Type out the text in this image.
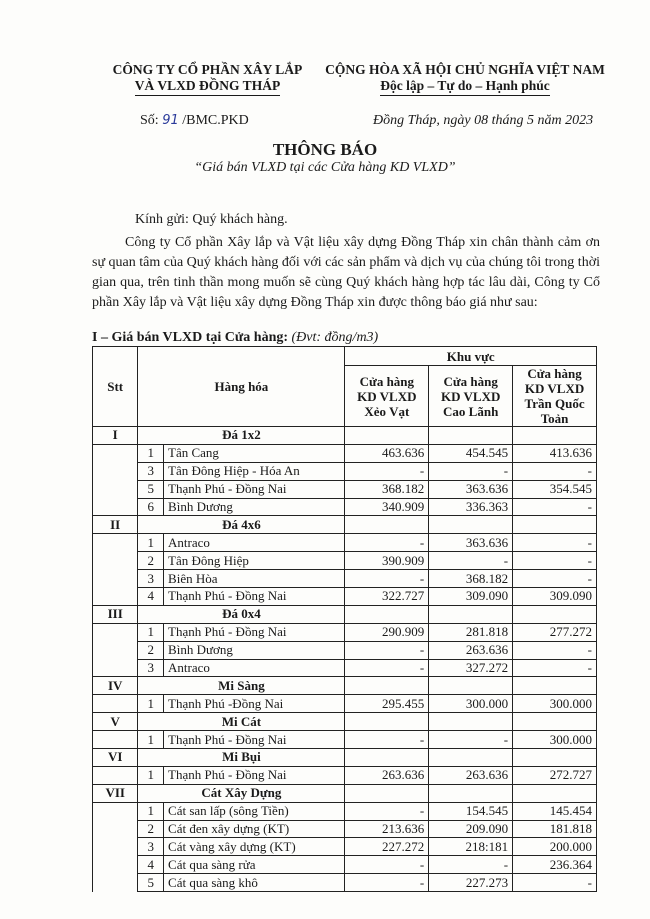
CÔNG TY CỔ PHẦN XÂY LẮP
VÀ VLXD ĐỒNG THÁP
CỘNG HÒA XÃ HỘI CHỦ NGHĨA VIỆT NAM
Độc lập – Tự do – Hạnh phúc
Số: 91 /BMC.PKD	Đồng Tháp, ngày 08 tháng 5 năm 2023
THÔNG BÁO
“Giá bán VLXD tại các Cửa hàng KD VLXD”
Kính gửi: Quý khách hàng.
Công ty Cổ phần Xây lắp và Vật liệu xây dựng Đồng Tháp xin chân thành cảm ơn sự quan tâm của Quý khách hàng đối với các sản phẩm và dịch vụ của chúng tôi trong thời gian qua, trên tinh thần mong muốn sẽ cùng Quý khách hàng hợp tác lâu dài, Công ty Cổ phần Xây lắp và Vật liệu xây dựng Đồng Tháp xin được thông báo giá như sau:
I – Giá bán VLXD tại Cửa hàng: (Đvt: đồng/m3)
Stt	Hàng hóa		Khu vực		
			Cửa hàng KD VLXD Xẻo Vạt	Cửa hàng KD VLXD Cao Lãnh	Cửa hàng KD VLXD Trần Quốc Toản
I	Đá 1x2				
	1	Tân Cang	463.636	454.545	413.636
	3	Tân Đông Hiệp - Hóa An	-	-	-
	5	Thạnh Phú - Đồng Nai	368.182	363.636	354.545
	6	Bình Dương	340.909	336.363	-
II	Đá 4x6				
	1	Antraco	-	363.636	-
	2	Tân Đông Hiệp	390.909	-	-
	3	Biên Hòa	-	368.182	-
	4	Thạnh Phú - Đồng Nai	322.727	309.090	309.090
III	Đá 0x4				
	1	Thạnh Phú - Đồng Nai	290.909	281.818	277.272
	2	Bình Dương	-	263.636	-
	3	Antraco	-	327.272	-
IV	Mi Sàng				
	1	Thạnh Phú -Đồng Nai	295.455	300.000	300.000
V	Mi Cát				
	1	Thạnh Phú - Đồng Nai	-	-	300.000
VI	Mi Bụi				
	1	Thạnh Phú - Đồng Nai	263.636	263.636	272.727
VII	Cát Xây Dựng				
	1	Cát san lấp (sông Tiền)	-	154.545	145.454
	2	Cát đen xây dựng (KT)	213.636	209.090	181.818
	3	Cát vàng xây dựng (KT)	227.272	218:181	200.000
	4	Cát qua sàng rửa	-	-	236.364
	5	Cát qua sàng khô	-	227.273	-
